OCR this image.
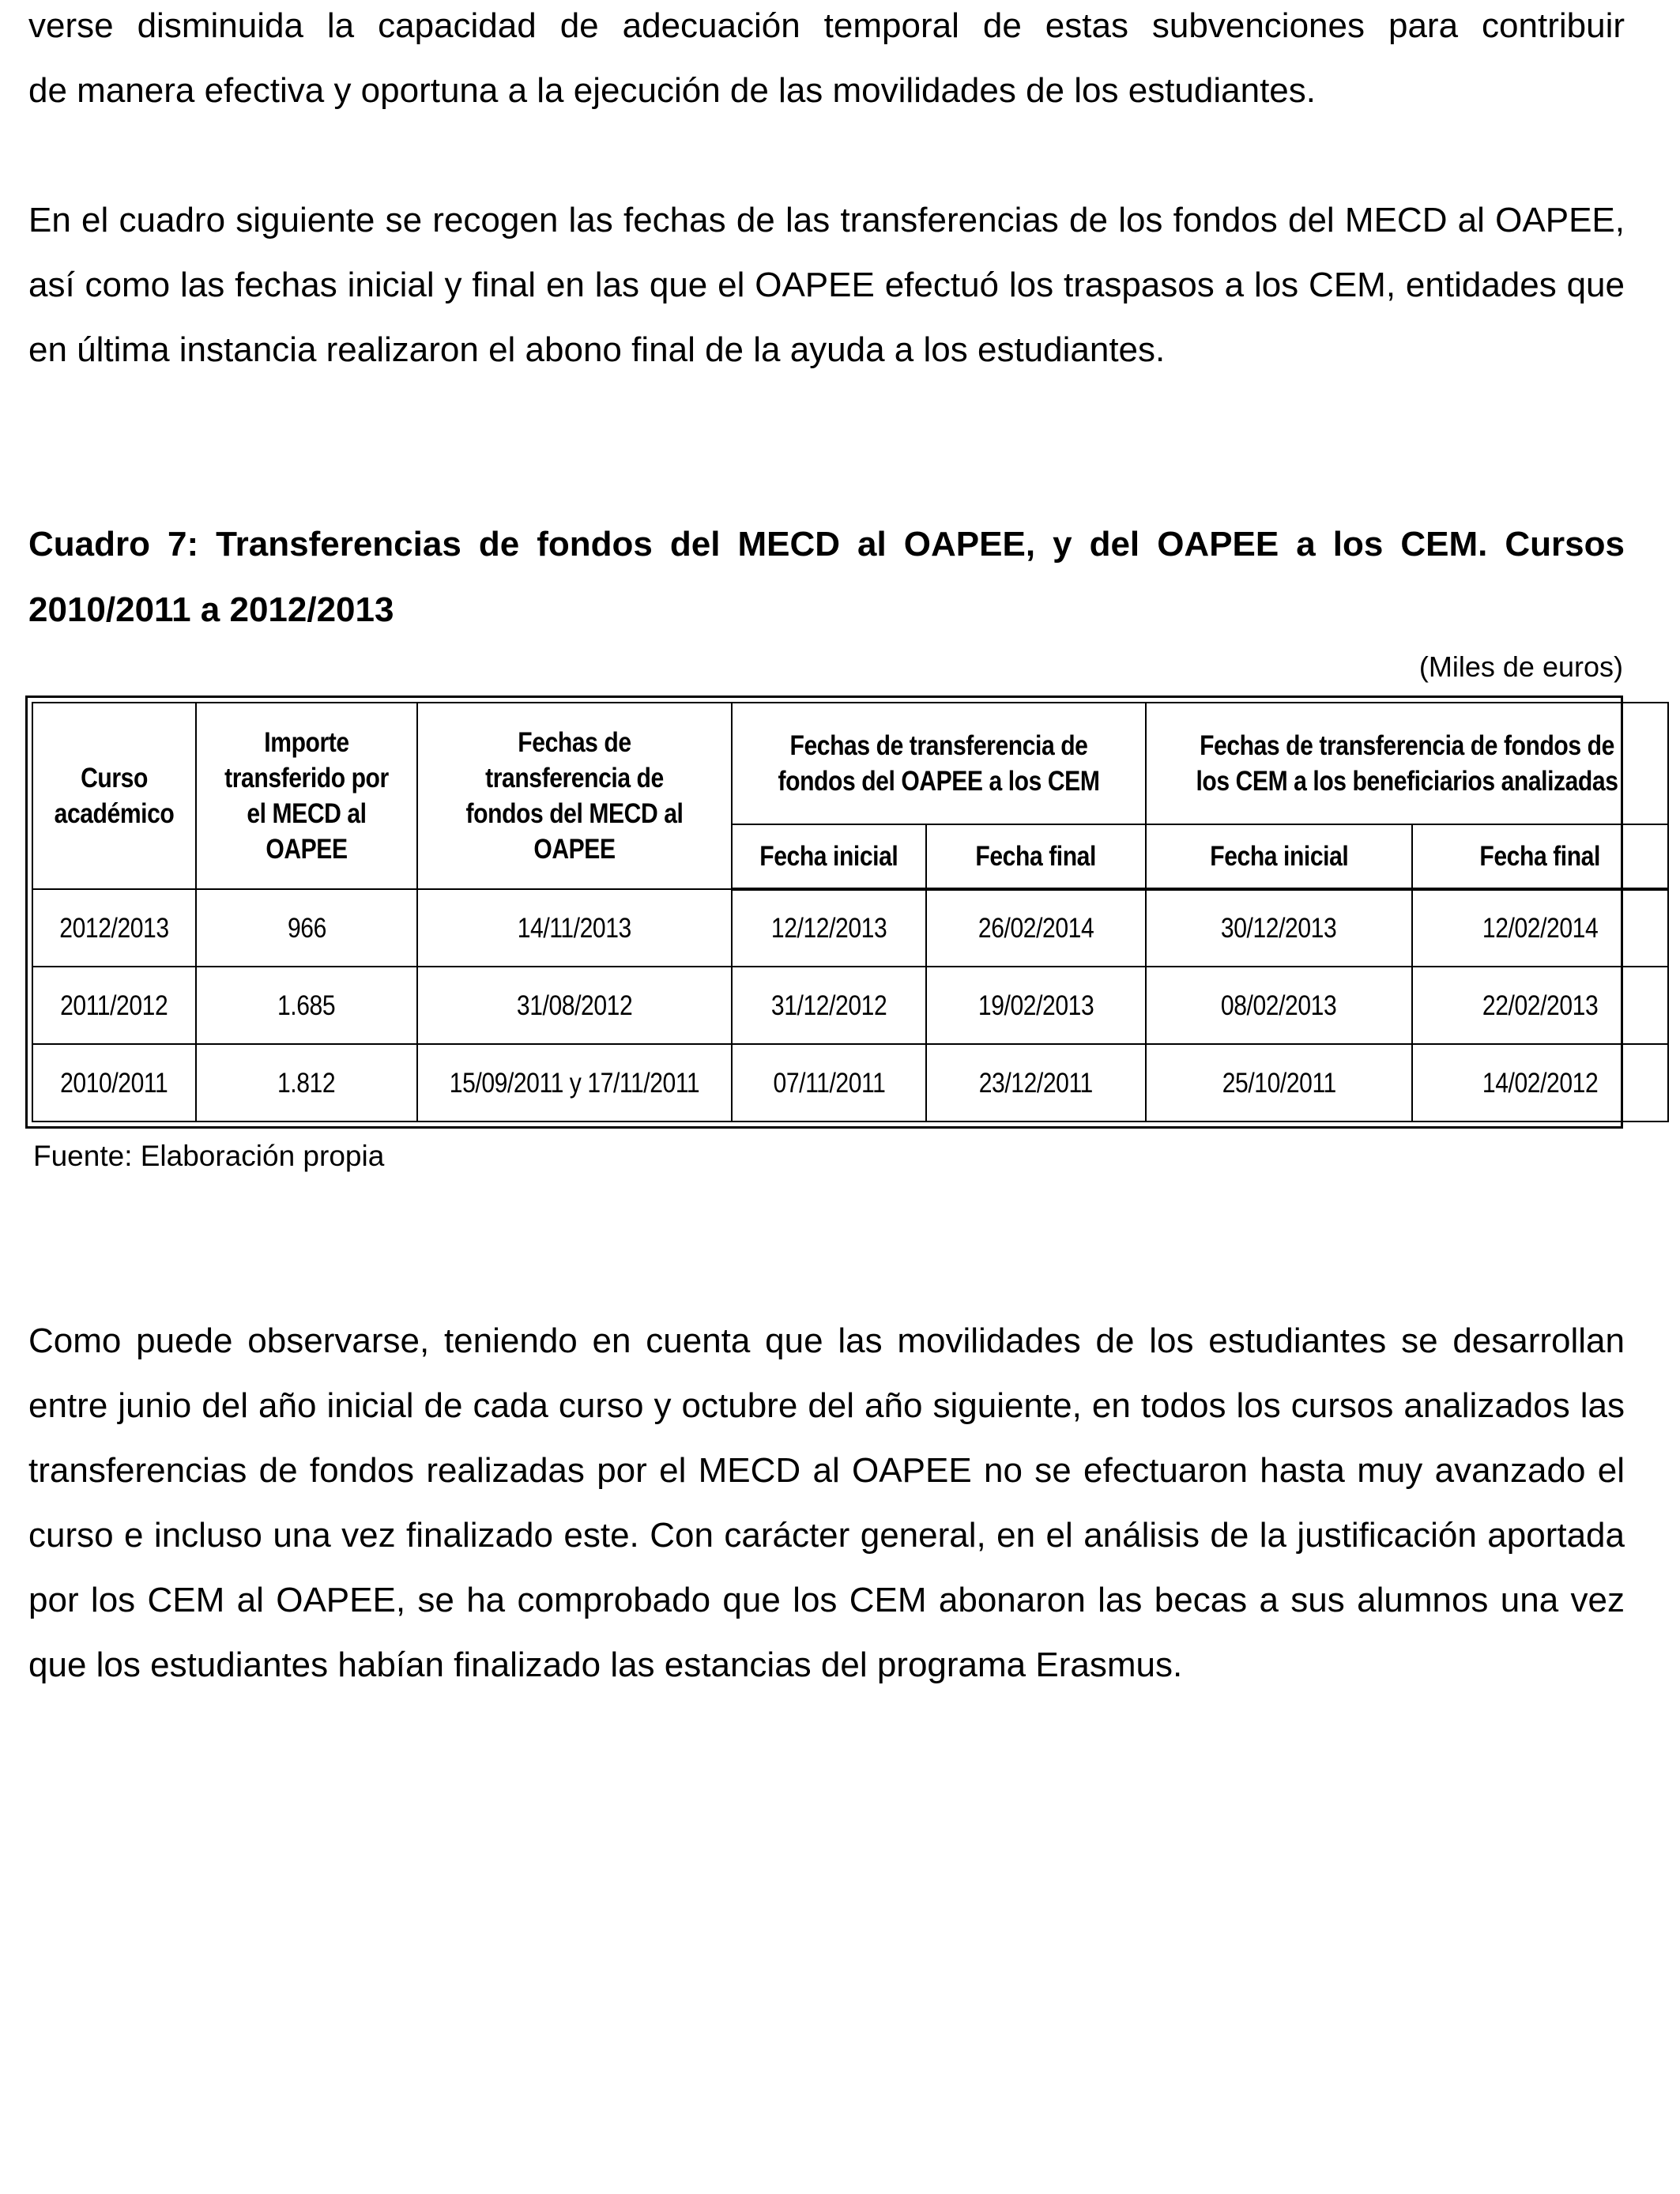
verse disminuida la capacidad de adecuación temporal de estas subvenciones para contribuir
de manera efectiva y oportuna a la ejecución de las movilidades de los estudiantes.

En el cuadro siguiente se recogen las fechas de las transferencias de los fondos del MECD al OAPEE, así como las fechas inicial y final en las que el OAPEE efectuó los traspasos a los CEM, entidades que en última instancia realizaron el abono final de la ayuda a los estudiantes.

Cuadro 7: Transferencias de fondos del MECD al OAPEE, y del OAPEE a los CEM. Cursos 2010/2011 a 2012/2013

(Miles de euros)

Curso académico	Importe transferido por el MECD al OAPEE	Fechas de transferencia de fondos del MECD al OAPEE	Fechas de transferencia de fondos del OAPEE a los CEM		Fechas de transferencia de fondos de los CEM a los beneficiarios analizadas	
			Fecha inicial	Fecha final	Fecha inicial	Fecha final
2012/2013	966	14/11/2013	12/12/2013	26/02/2014	30/12/2013	12/02/2014
2011/2012	1.685	31/08/2012	31/12/2012	19/02/2013	08/02/2013	22/02/2013
2010/2011	1.812	15/09/2011 y 17/11/2011	07/11/2011	23/12/2011	25/10/2011	14/02/2012

Fuente: Elaboración propia

Como puede observarse, teniendo en cuenta que las movilidades de los estudiantes se desarrollan entre junio del año inicial de cada curso y octubre del año siguiente, en todos los cursos analizados las transferencias de fondos realizadas por el MECD al OAPEE no se efectuaron hasta muy avanzado el curso e incluso una vez finalizado este. Con carácter general, en el análisis de la justificación aportada por los CEM al OAPEE, se ha comprobado que los CEM abonaron las becas a sus alumnos una vez que los estudiantes habían finalizado las estancias del programa Erasmus.
